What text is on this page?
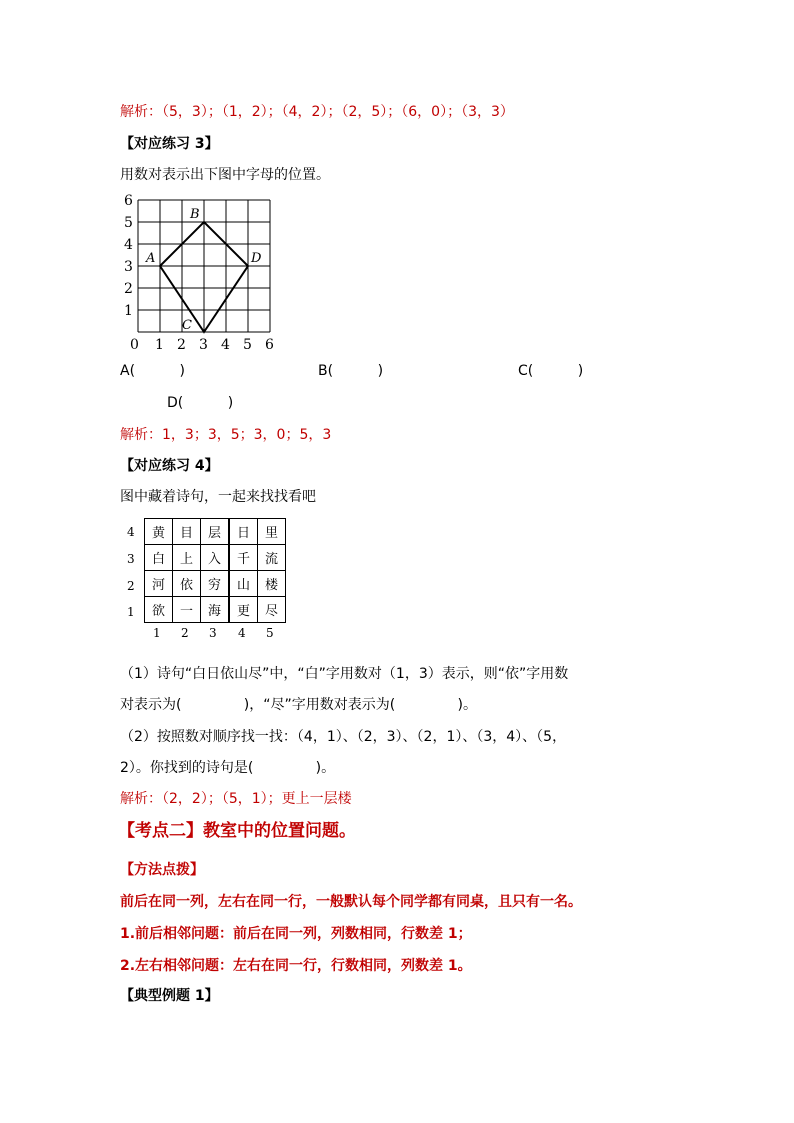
解析：（5，3）；（1，2）；（4，2）；（2，5）；（6，0）；（3，3）
【对应练习 3】
用数对表示出下图中字母的位置。
6
5
4
3
2
1
0 1 2 3 4 5 6
A
B
C
D
A(          )	B(          )	C(          )
D(          )
解析：1，3；3，5；3，0；5，3
【对应练习 4】
图中藏着诗句，一起来找找看吧
4
3
2
1
黄	目	层	日	里
白	上	入	千	流
河	依	穷	山	楼
欲	一	海	更	尽
1 2 3 4 5
（1）诗句“白日依山尽”中，“白”字用数对（1，3）表示，则“依”字用数
对表示为(              )，“尽”字用数对表示为(              )。
（2）按照数对顺序找一找：（4，1）、（2，3）、（2，1）、（3，4）、（5，
2）。你找到的诗句是(              )。
解析：（2，2）；（5，1）；更上一层楼
【考点二】教室中的位置问题。
【方法点拨】
前后在同一列，左右在同一行，一般默认每个同学都有同桌，且只有一名。
1.前后相邻问题：前后在同一列，列数相同，行数差 1；
2.左右相邻问题：左右在同一行，行数相同，列数差 1。
【典型例题 1】
